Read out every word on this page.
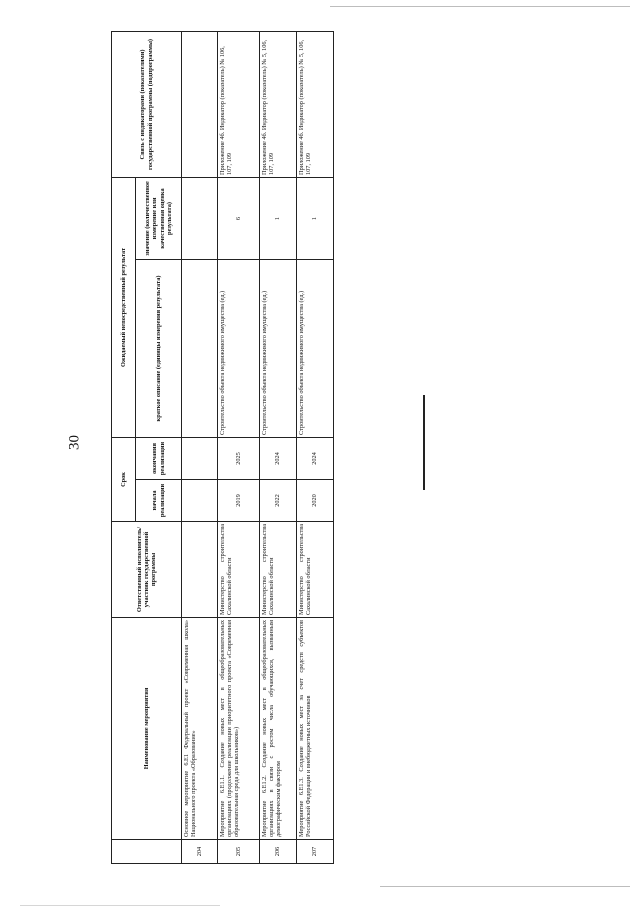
30
	Наименование мероприятия	Ответственный исполнитель/участник государственной программы	Срок		Ожидаемый непосредственный результат		Связь с индикаторами (показателями) государственной программы (подпрограммы)
			начала реализации	окончания реализации	краткое описание (единицы измерения результата)	значение (количественное измерение или качественная оценка результата)	
204	Основное мероприятие 6.Е1 Федеральный проект «Современная школа» Национального проекта «Образование»						
205	Мероприятие 6.Е1.1. Создание новых мест в общеобразовательных организациях (продолжение реализации приоритетного проекта «Современная образовательная среда для школьников»)	Министерство строительства Сахалинской области	2019	2025	Строительство объекта недвижимого имущества (ед.)	6	Приложение 4б. Индикатор (показатель) № 106, 107, 109
206	Мероприятие 6.Е1.2. Создание новых мест в общеобразовательных организациях в связи с ростом числа обучающихся, вызванным демографическим фактором	Министерство строительства Сахалинской области	2022	2024	Строительство объекта недвижимого имущества (ед.)	1	Приложение 4б. Индикатор (показатель) № 5, 106, 107, 109
207	Мероприятие 6.Е1.3. Создание новых мест за счет средств субъектов Российской Федерации и внебюджетных источников	Министерство строительства Сахалинской области	2020	2024	Строительство объекта недвижимого имущества (ед.)	1	Приложение 4б. Индикатор (показатель) № 5, 106, 107, 109
